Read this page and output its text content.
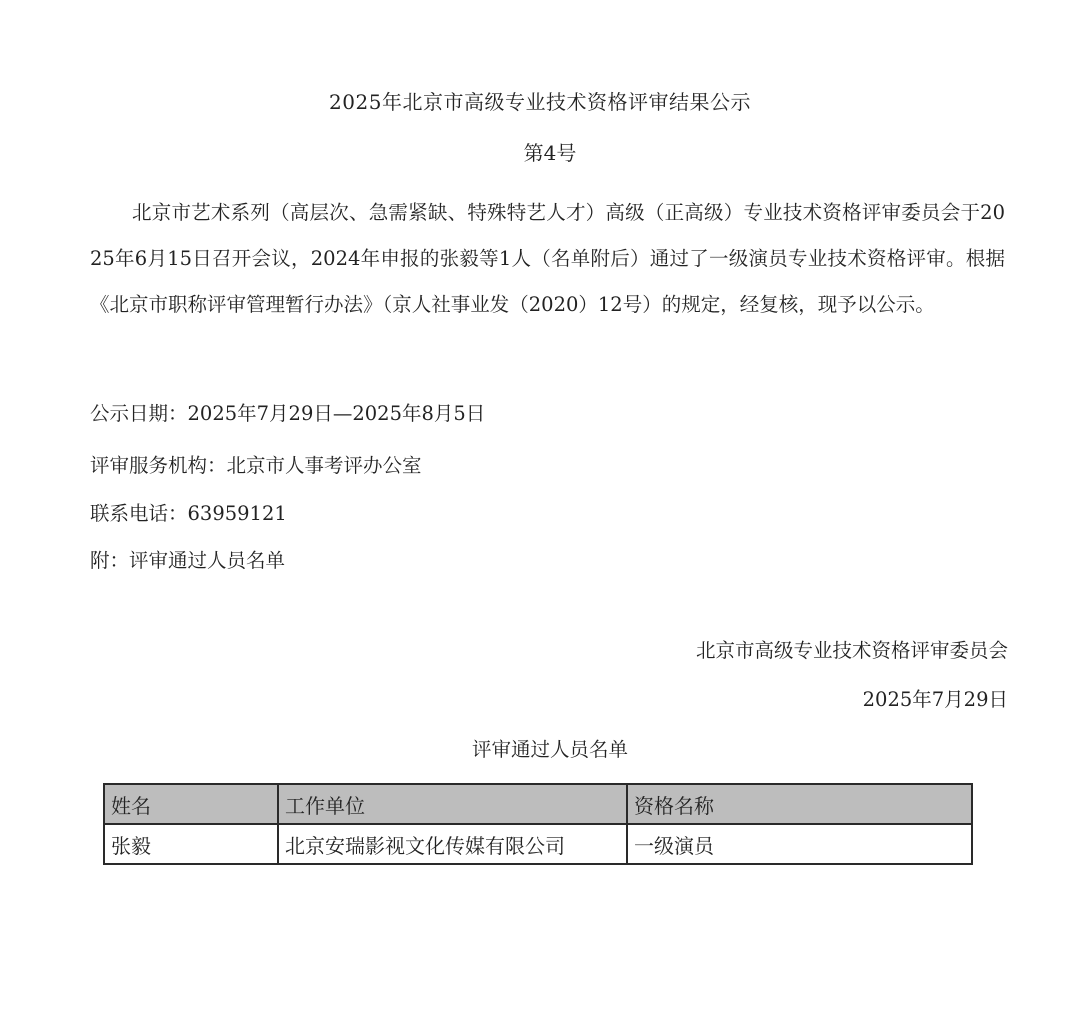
2025年北京市高级专业技术资格评审结果公示
第4号
北京市艺术系列（高层次、急需紧缺、特殊特艺人才）高级（正高级）专业技术资格评审委员会于2025年6月15日召开会议，2024年申报的张毅等1人（名单附后）通过了一级演员专业技术资格评审。根据《北京市职称评审管理暂行办法》（京人社事业发（2020）12号）的规定，经复核，现予以公示。
公示日期：2025年7月29日—2025年8月5日
评审服务机构：北京市人事考评办公室
联系电话：63959121
附：评审通过人员名单
北京市高级专业技术资格评审委员会
2025年7月29日
评审通过人员名单
姓名	工作单位	资格名称
张毅	北京安瑞影视文化传媒有限公司	一级演员
